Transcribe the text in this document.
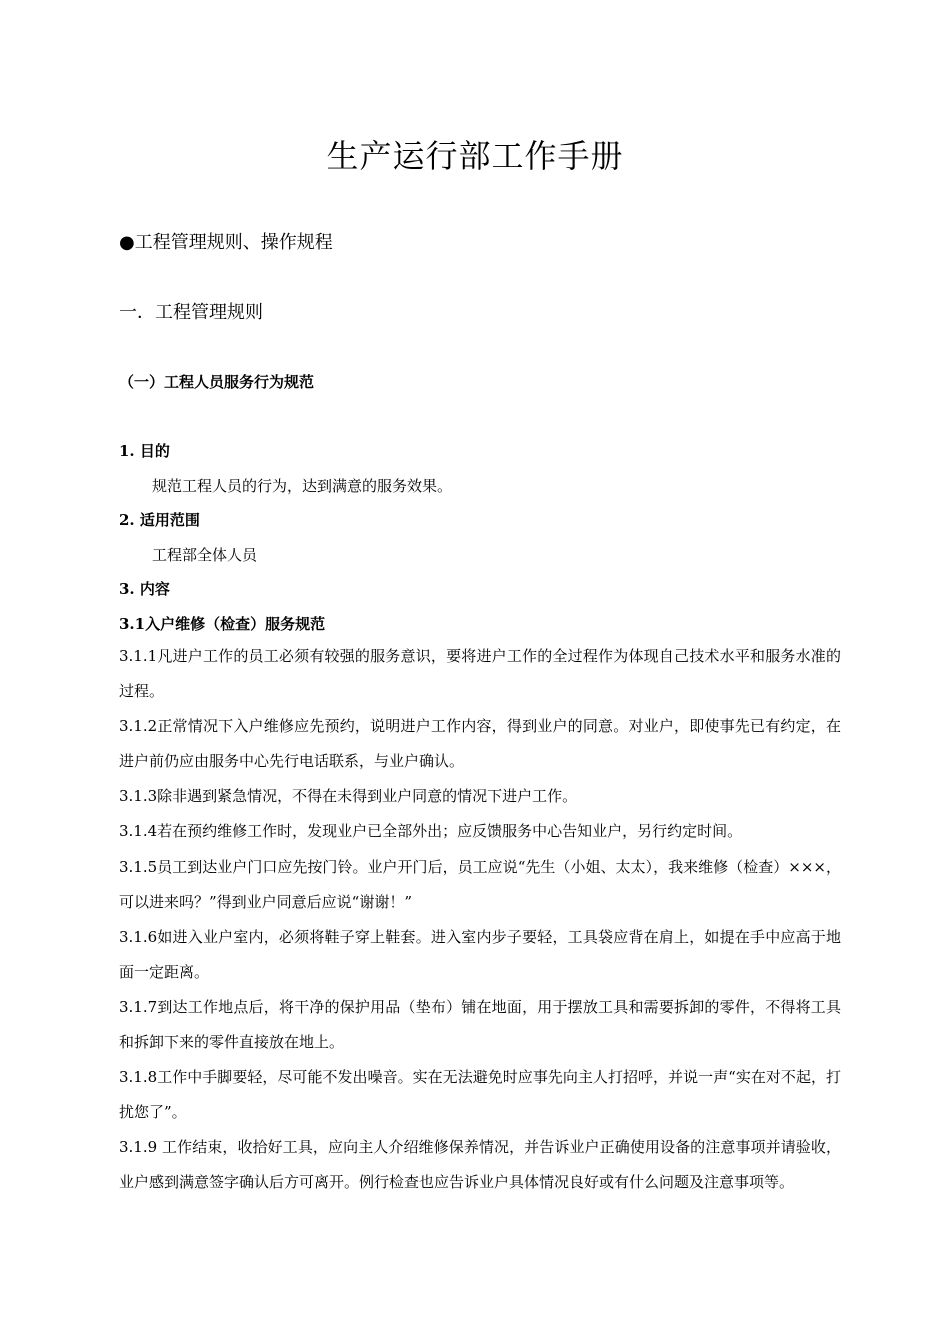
生产运行部工作手册
●工程管理规则、操作规程
一．工程管理规则
（一）工程人员服务行为规范
1. 目的
规范工程人员的行为，达到满意的服务效果。
2. 适用范围
工程部全体人员
3. 内容
3.1入户维修（检查）服务规范
3.1.1凡进户工作的员工必须有较强的服务意识，要将进户工作的全过程作为体现自己技术水平和服务水准的过程。
3.1.2正常情况下入户维修应先预约，说明进户工作内容，得到业户的同意。对业户，即使事先已有约定，在进户前仍应由服务中心先行电话联系，与业户确认。
3.1.3除非遇到紧急情况，不得在未得到业户同意的情况下进户工作。
3.1.4若在预约维修工作时，发现业户已全部外出；应反馈服务中心告知业户，另行约定时间。
3.1.5员工到达业户门口应先按门铃。业户开门后，员工应说“先生（小姐、太太），我来维修（检查）×××，可以进来吗？”得到业户同意后应说“谢谢！”
3.1.6如进入业户室内，必须将鞋子穿上鞋套。进入室内步子要轻，工具袋应背在肩上，如提在手中应高于地面一定距离。
3.1.7到达工作地点后，将干净的保护用品（垫布）铺在地面，用于摆放工具和需要拆卸的零件，不得将工具和拆卸下来的零件直接放在地上。
3.1.8工作中手脚要轻，尽可能不发出噪音。实在无法避免时应事先向主人打招呼，并说一声“实在对不起，打扰您了”。
3.1.9 工作结束，收拾好工具，应向主人介绍维修保养情况，并告诉业户正确使用设备的注意事项并请验收，业户感到满意签字确认后方可离开。例行检查也应告诉业户具体情况良好或有什么问题及注意事项等。
